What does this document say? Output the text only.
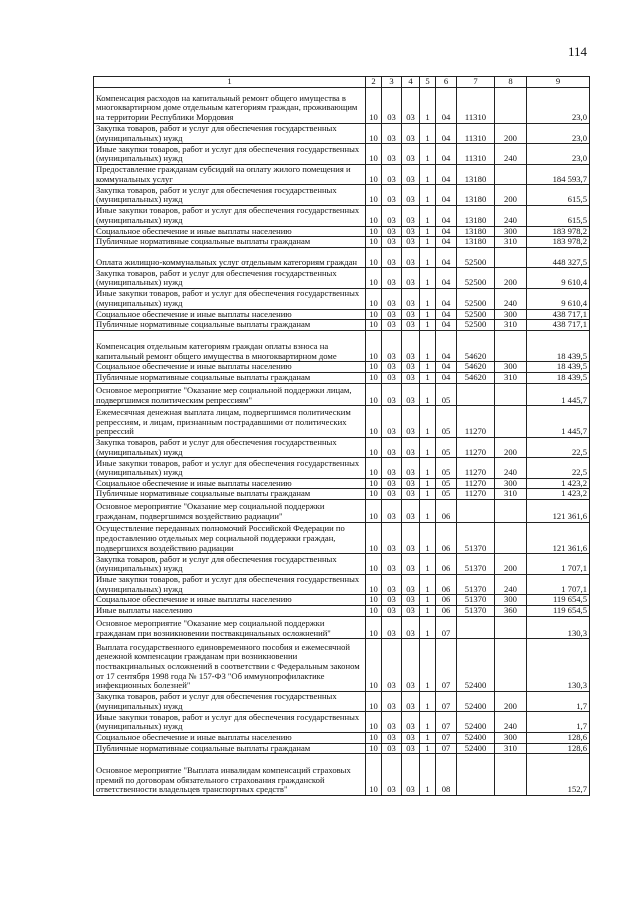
114
1	2	3	4	5	6	7	8	9
Компенсация расходов на капитальный ремонт общего имущества в многоквартирном доме отдельным категориям граждан, проживающим на территории Республики Мордовия	10	03	03	1	04	11310		23,0
Закупка товаров, работ и услуг для обеспечения государственных (муниципальных) нужд	10	03	03	1	04	11310	200	23,0
Иные закупки товаров, работ и услуг для обеспечения государственных (муниципальных) нужд	10	03	03	1	04	11310	240	23,0
Предоставление гражданам субсидий на оплату жилого помещения и коммунальных услуг	10	03	03	1	04	13180		184 593,7
Закупка товаров, работ и услуг для обеспечения государственных (муниципальных) нужд	10	03	03	1	04	13180	200	615,5
Иные закупки товаров, работ и услуг для обеспечения государственных (муниципальных) нужд	10	03	03	1	04	13180	240	615,5
Социальное обеспечение и иные выплаты населению	10	03	03	1	04	13180	300	183 978,2
Публичные нормативные социальные выплаты гражданам	10	03	03	1	04	13180	310	183 978,2
Оплата жилищно-коммунальных услуг отдельным категориям граждан	10	03	03	1	04	52500		448 327,5
Закупка товаров, работ и услуг для обеспечения государственных (муниципальных) нужд	10	03	03	1	04	52500	200	9 610,4
Иные закупки товаров, работ и услуг для обеспечения государственных (муниципальных) нужд	10	03	03	1	04	52500	240	9 610,4
Социальное обеспечение и иные выплаты населению	10	03	03	1	04	52500	300	438 717,1
Публичные нормативные социальные выплаты гражданам	10	03	03	1	04	52500	310	438 717,1
Компенсация отдельным категориям граждан оплаты взноса на капитальный ремонт общего имущества в многоквартирном доме	10	03	03	1	04	54620		18 439,5
Социальное обеспечение и иные выплаты населению	10	03	03	1	04	54620	300	18 439,5
Публичные нормативные социальные выплаты гражданам	10	03	03	1	04	54620	310	18 439,5
Основное мероприятие "Оказание мер социальной поддержки лицам, подвергшимся политическим репрессиям"	10	03	03	1	05			1 445,7
Ежемесячная денежная выплата лицам, подвергшимся политическим репрессиям, и лицам, признанным пострадавшими от политических репрессий	10	03	03	1	05	11270		1 445,7
Закупка товаров, работ и услуг для обеспечения государственных (муниципальных) нужд	10	03	03	1	05	11270	200	22,5
Иные закупки товаров, работ и услуг для обеспечения государственных (муниципальных) нужд	10	03	03	1	05	11270	240	22,5
Социальное обеспечение и иные выплаты населению	10	03	03	1	05	11270	300	1 423,2
Публичные нормативные социальные выплаты гражданам	10	03	03	1	05	11270	310	1 423,2
Основное мероприятие "Оказание мер социальной поддержки гражданам, подвергшимся воздействию радиации"	10	03	03	1	06			121 361,6
Осуществление переданных полномочий Российской Федерации по предоставлению отдельных мер социальной поддержки граждан, подвергшихся воздействию радиации	10	03	03	1	06	51370		121 361,6
Закупка товаров, работ и услуг для обеспечения государственных (муниципальных) нужд	10	03	03	1	06	51370	200	1 707,1
Иные закупки товаров, работ и услуг для обеспечения государственных (муниципальных) нужд	10	03	03	1	06	51370	240	1 707,1
Социальное обеспечение и иные выплаты населению	10	03	03	1	06	51370	300	119 654,5
Иные выплаты населению	10	03	03	1	06	51370	360	119 654,5
Основное мероприятие "Оказание мер социальной поддержки гражданам при возникновении поствакцинальных осложнений"	10	03	03	1	07			130,3
Выплата государственного единовременного пособия и ежемесячной денежной компенсации гражданам при возникновении поствакцинальных осложнений в соответствии с Федеральным законом от 17 сентября 1998 года № 157-ФЗ "Об иммунопрофилактике инфекционных болезней"	10	03	03	1	07	52400		130,3
Закупка товаров, работ и услуг для обеспечения государственных (муниципальных) нужд	10	03	03	1	07	52400	200	1,7
Иные закупки товаров, работ и услуг для обеспечения государственных (муниципальных) нужд	10	03	03	1	07	52400	240	1,7
Социальное обеспечение и иные выплаты населению	10	03	03	1	07	52400	300	128,6
Публичные нормативные социальные выплаты гражданам	10	03	03	1	07	52400	310	128,6
Основное мероприятие "Выплата инвалидам компенсаций страховых премий по договорам обязательного страхования гражданской ответственности владельцев транспортных средств"	10	03	03	1	08			152,7
